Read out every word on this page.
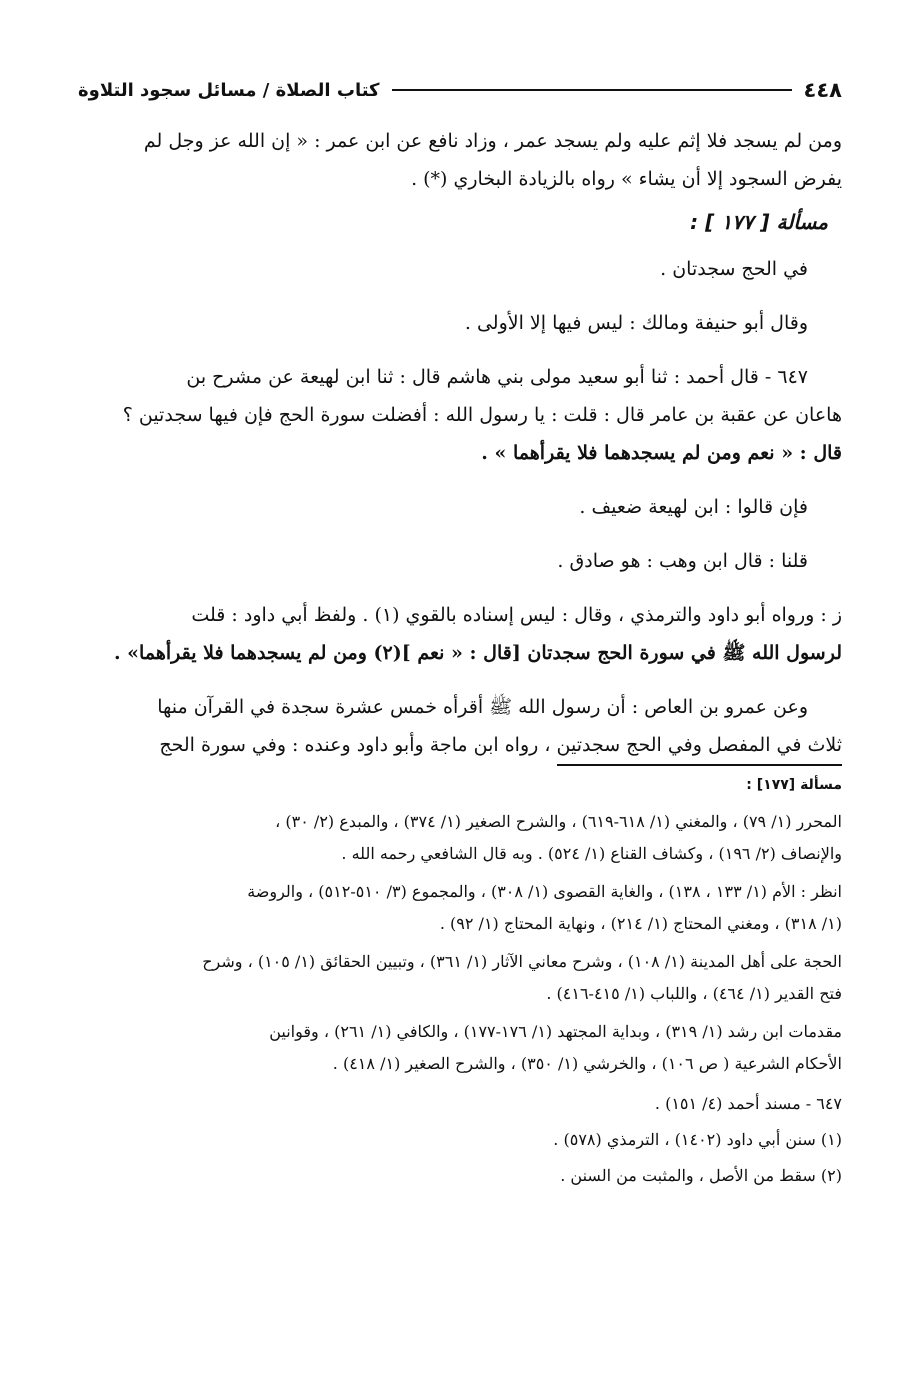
٤٤٨
كتاب الصلاة / مسائل سجود التلاوة

ومن لم يسجد فلا إثم عليه ولم يسجد عمر ، وزاد نافع عن ابن عمر : « إن الله عز وجل لم

يفرض السجود إلا أن يشاء » رواه بالزيادة البخاري (*) .

مسألة [ ١٧٧ ] :

في الحج سجدتان .

وقال أبو حنيفة ومالك : ليس فيها إلا الأولى .

٦٤٧ - قال أحمد : ثنا أبو سعيد مولى بني هاشم قال : ثنا ابن لهيعة عن مشرح بن

هاعان عن عقبة بن عامر قال : قلت : يا رسول الله : أفضلت سورة الحج فإن فيها سجدتين ؟

قال : « نعم ومن لم يسجدهما فلا يقرأهما » .

فإن قالوا : ابن لهيعة ضعيف .

قلنا : قال ابن وهب : هو صادق .

ز : ورواه أبو داود والترمذي ، وقال : ليس إسناده بالقوي (١) . ولفظ أبي داود : قلت

لرسول الله ﷺ في سورة الحج سجدتان [قال : « نعم ](٢) ومن لم يسجدهما فلا يقرأهما» .

وعن عمرو بن العاص : أن رسول الله ﷺ أقرأه خمس عشرة سجدة في القرآن منها

ثلاث في المفصل وفي الحج سجدتين ، رواه ابن ماجة وأبو داود وعنده : وفي سورة الحج

مسألة [١٧٧] :

المحرر (١/ ٧٩) ، والمغني (١/ ٦١٨-٦١٩) ، والشرح الصغير (١/ ٣٧٤) ، والمبدع (٢/ ٣٠) ،

والإنصاف (٢/ ١٩٦) ، وكشاف القناع (١/ ٥٢٤) . وبه قال الشافعي رحمه الله .

انظر : الأم (١/ ١٣٣ ، ١٣٨) ، والغاية القصوى (١/ ٣٠٨) ، والمجموع (٣/ ٥١٠-٥١٢) ، والروضة

(١/ ٣١٨) ، ومغني المحتاج (١/ ٢١٤) ، ونهاية المحتاج (١/ ٩٢) .

الحجة على أهل المدينة (١/ ١٠٨) ، وشرح معاني الآثار (١/ ٣٦١) ، وتبيين الحقائق (١/ ١٠٥) ، وشرح

فتح القدير (١/ ٤٦٤) ، واللباب (١/ ٤١٥-٤١٦) .

مقدمات ابن رشد (١/ ٣١٩) ، وبداية المجتهد (١/ ١٧٦-١٧٧) ، والكافي (١/ ٢٦١) ، وقوانين

الأحكام الشرعية ( ص ١٠٦) ، والخرشي (١/ ٣٥٠) ، والشرح الصغير (١/ ٤١٨) .

٦٤٧ - مسند أحمد (٤/ ١٥١) .

(١) سنن أبي داود (١٤٠٢) ، الترمذي (٥٧٨) .

(٢) سقط من الأصل ، والمثبت من السنن .
